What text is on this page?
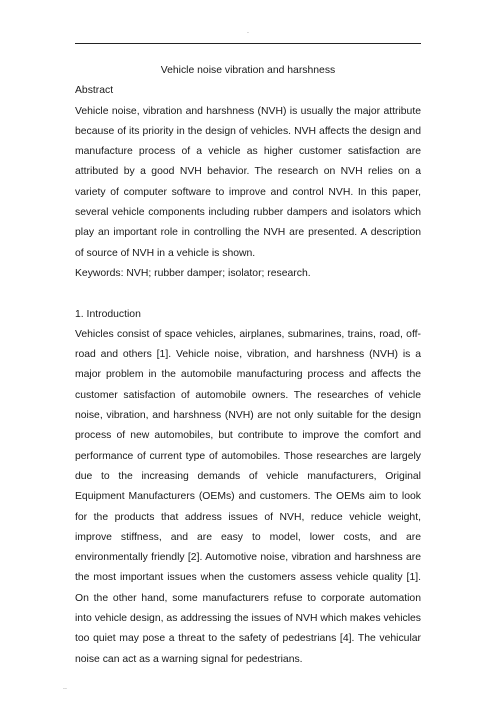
.

Vehicle noise vibration and harshness

Abstract

Vehicle noise, vibration and harshness (NVH) is usually the major attribute because of its priority in the design of vehicles. NVH affects the design and manufacture process of a vehicle as higher customer satisfaction are attributed by a good NVH behavior. The research on NVH relies on a variety of computer software to improve and control NVH. In this paper, several vehicle components including rubber dampers and isolators which play an important role in controlling the NVH are presented. A description of source of NVH in a vehicle is shown.

Keywords: NVH; rubber damper; isolator; research.

1. Introduction

Vehicles consist of space vehicles, airplanes, submarines, trains, road, off-road and others [1]. Vehicle noise, vibration, and harshness (NVH) is a major problem in the automobile manufacturing process and affects the customer satisfaction of automobile owners. The researches of vehicle noise, vibration, and harshness (NVH) are not only suitable for the design process of new automobiles, but contribute to improve the comfort and performance of current type of automobiles. Those researches are largely due to the increasing demands of vehicle manufacturers, Original Equipment Manufacturers (OEMs) and customers. The OEMs aim to look for the products that address issues of NVH, reduce vehicle weight, improve stiffness, and are easy to model, lower costs, and are environmentally friendly [2]. Automotive noise, vibration and harshness are the most important issues when the customers assess vehicle quality [1]. On the other hand, some manufacturers refuse to corporate automation into vehicle design, as addressing the issues of NVH which makes vehicles too quiet may pose a threat to the safety of pedestrians [4]. The vehicular noise can act as a warning signal for pedestrians.

..
